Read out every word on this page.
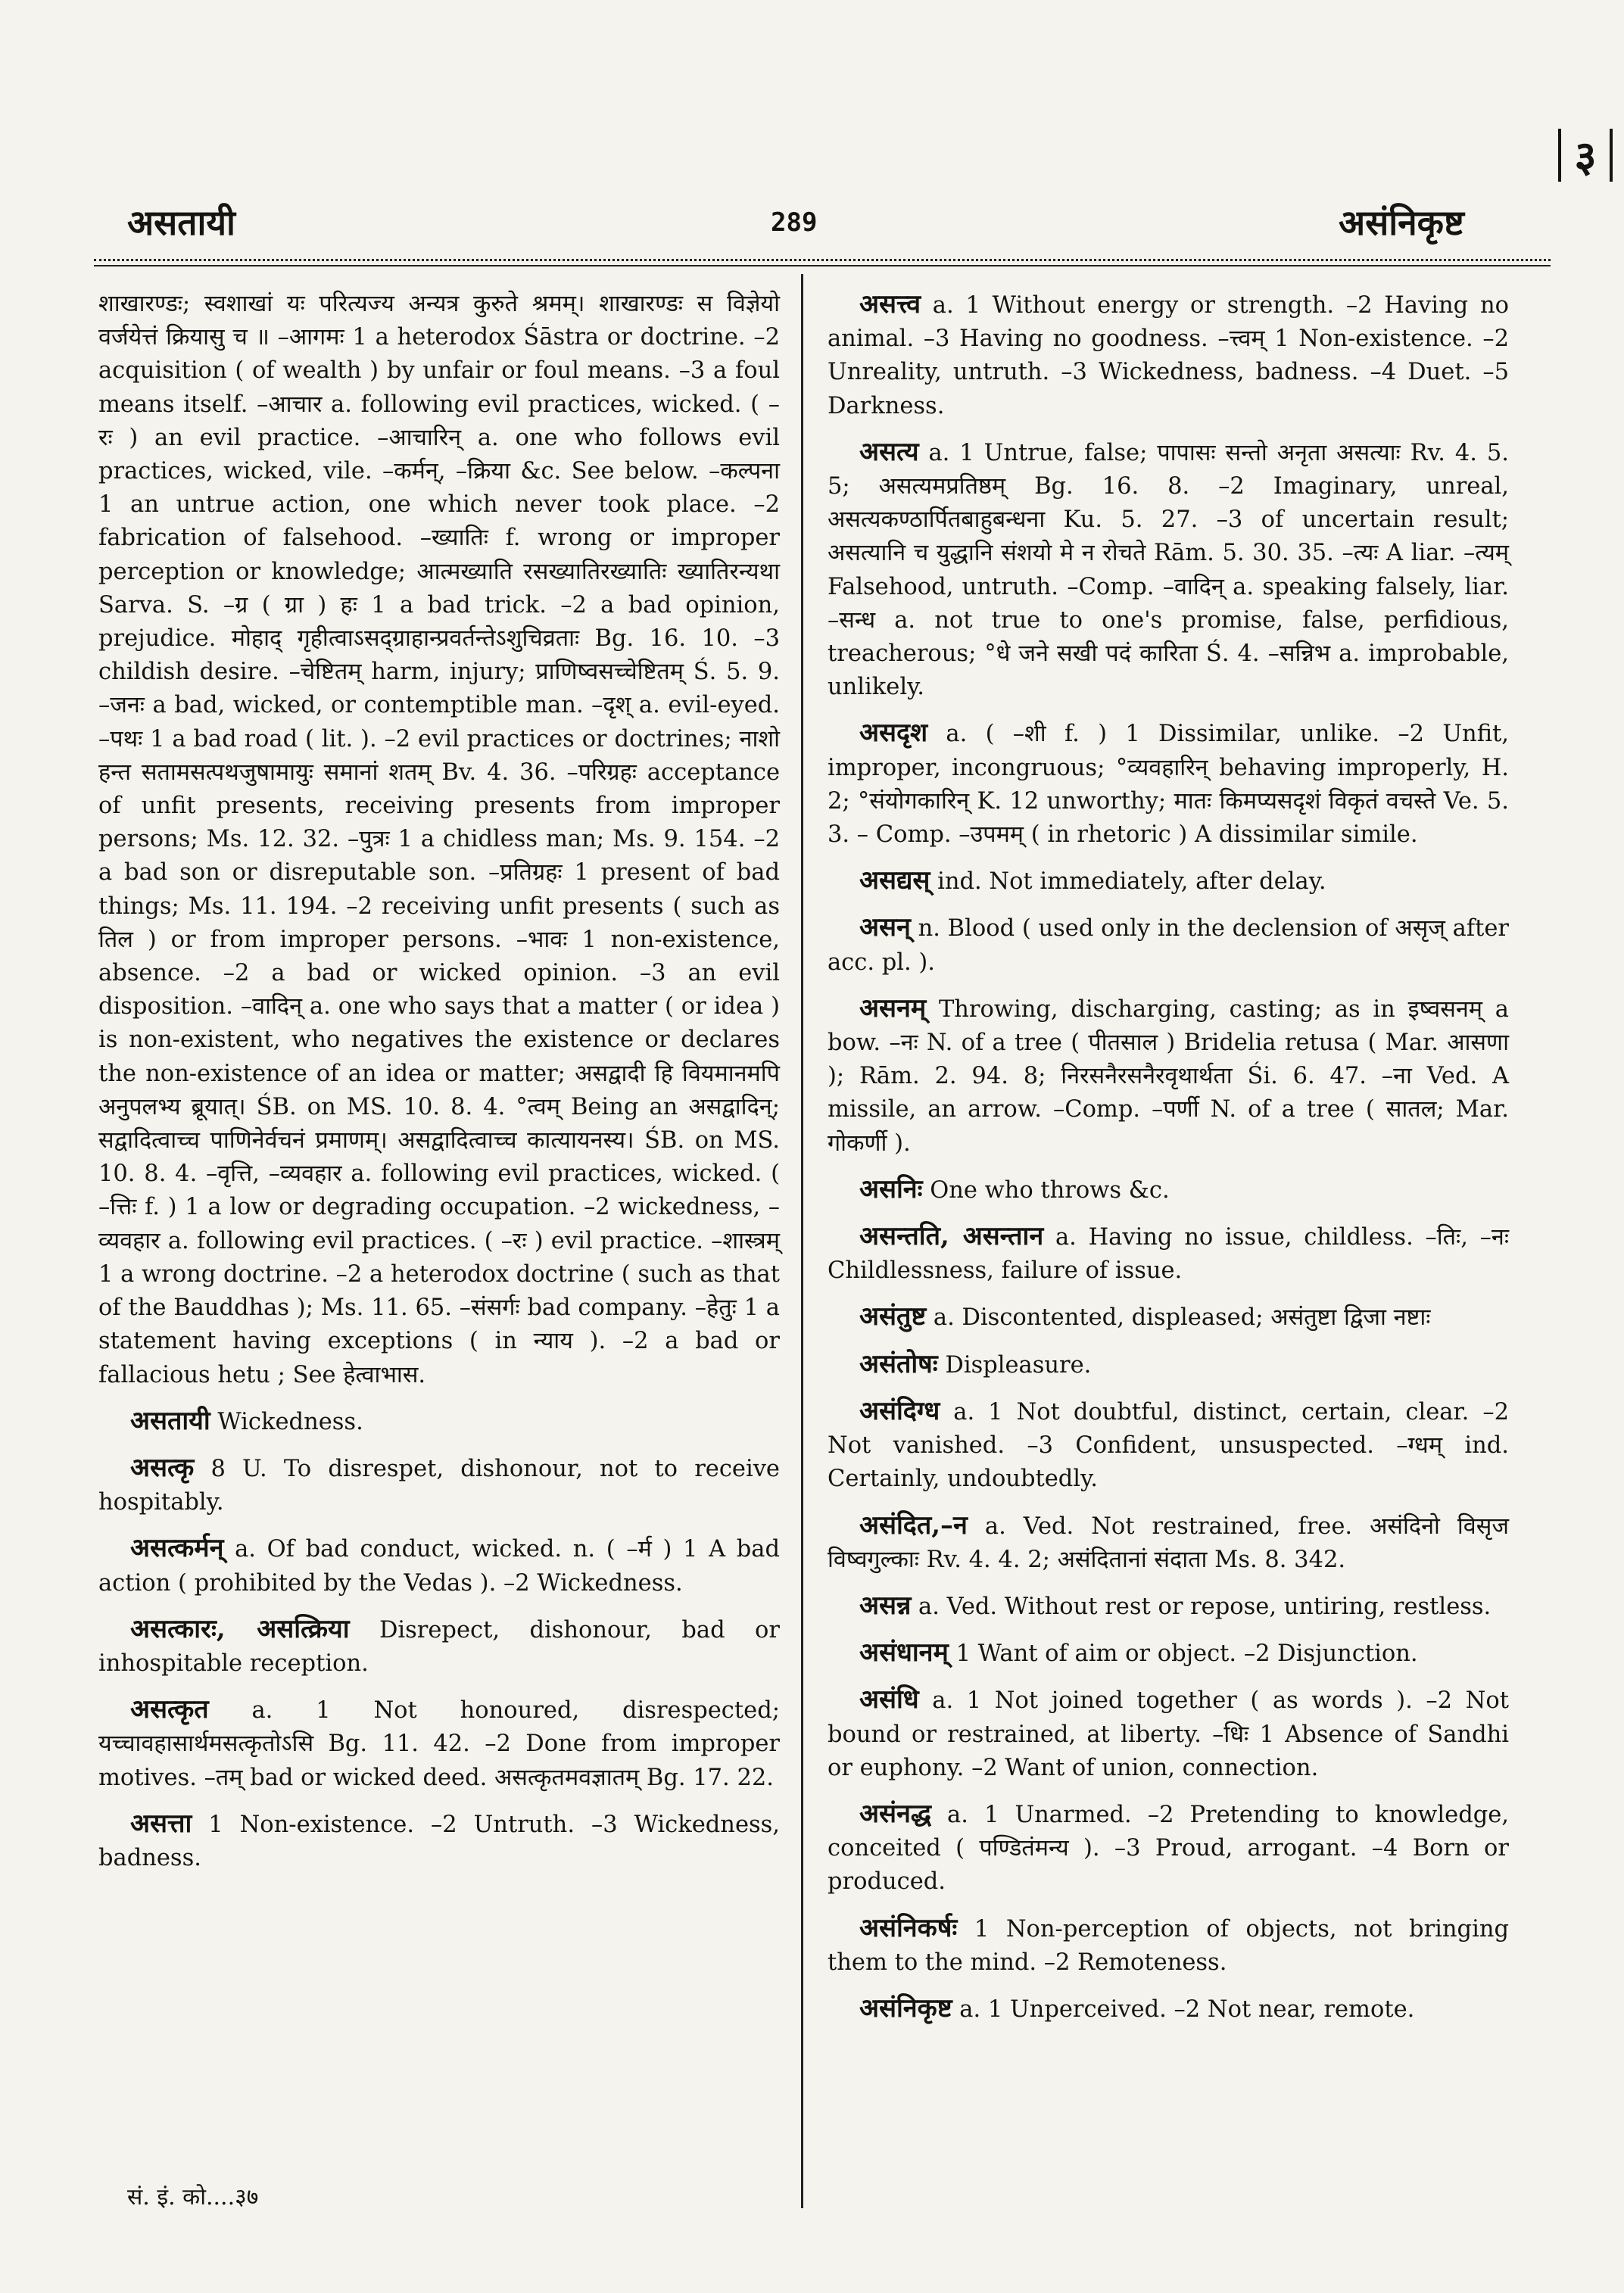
३
असतायी	289	असंनिकृष्ट

शाखारण्डः; स्वशाखां यः परित्यज्य अन्यत्र कुरुते श्रमम्। शाखारण्डः स विज्ञेयो वर्जयेत्तं क्रियासु च ॥ –आगमः 1 a heterodox Śāstra or doctrine. –2 acquisition ( of wealth ) by unfair or foul means. –3 a foul means itself. –आचार a. following evil practices, wicked. ( –रः ) an evil practice. –आचारिन् a. one who follows evil practices, wicked, vile. –कर्मन्, –क्रिया &c. See below. –कल्पना 1 an untrue action, one which never took place. –2 fabrication of falsehood. –ख्यातिः f. wrong or improper perception or knowledge; आत्मख्याति रसख्यातिरख्यातिः ख्यातिरन्यथा Sarva. S. –ग्र ( ग्रा ) हः 1 a bad trick. –2 a bad opinion, prejudice. मोहाद् गृहीत्वाऽसद्ग्राहान्प्रवर्तन्तेऽशुचिव्रताः Bg. 16. 10. –3 childish desire. –चेष्टितम् harm, injury; प्राणिष्वसच्चेष्टितम् Ś. 5. 9. –जनः a bad, wicked, or contemptible man. –दृश् a. evil-eyed. –पथः 1 a bad road ( lit. ). –2 evil practices or doctrines; नाशो हन्त सतामसत्पथजुषामायुः समानां शतम् Bv. 4. 36. –परिग्रहः acceptance of unfit presents, receiving presents from improper persons; Ms. 12. 32. –पुत्रः 1 a chidless man; Ms. 9. 154. –2 a bad son or disreputable son. –प्रतिग्रहः 1 present of bad things; Ms. 11. 194. –2 receiving unfit presents ( such as तिल ) or from improper persons. –भावः 1 non-existence, absence. –2 a bad or wicked opinion. –3 an evil disposition. –वादिन् a. one who says that a matter ( or idea ) is non-existent, who negatives the existence or declares the non-existence of an idea or matter; असद्वादी हि वियमानमपि अनुपलभ्य ब्रूयात्। ŚB. on MS. 10. 8. 4. °त्वम् Being an असद्वादिन्; सद्वादित्वाच्च पाणिनेर्वचनं प्रमाणम्। असद्वादित्वाच्च कात्यायनस्य। ŚB. on MS. 10. 8. 4. –वृत्ति, –व्यवहार a. following evil practices, wicked. ( –त्तिः f. ) 1 a low or degrading occupation. –2 wickedness, –व्यवहार a. following evil practices. ( –रः ) evil practice. –शास्त्रम् 1 a wrong doctrine. –2 a heterodox doctrine ( such as that of the Bauddhas ); Ms. 11. 65. –संसर्गः bad company. –हेतुः 1 a statement having exceptions ( in न्याय ). –2 a bad or fallacious hetu ; See हेत्वाभास.

असतायी Wickedness.

असत्कृ 8 U. To disrespet, dishonour, not to receive hospitably.

असत्कर्मन् a. Of bad conduct, wicked. n. ( –र्म ) 1 A bad action ( prohibited by the Vedas ). –2 Wickedness.

असत्कारः, असत्क्रिया Disrepect, dishonour, bad or inhospitable reception.

असत्कृत a. 1 Not honoured, disrespected; यच्चावहासार्थमसत्कृतोऽसि Bg. 11. 42. –2 Done from improper motives. –तम् bad or wicked deed. असत्कृतमवज्ञातम् Bg. 17. 22.

असत्ता 1 Non-existence. –2 Untruth. –3 Wickedness, badness.

असत्त्व a. 1 Without energy or strength. –2 Having no animal. –3 Having no goodness. –त्त्वम् 1 Non-existence. –2 Unreality, untruth. –3 Wickedness, badness. –4 Duet. –5 Darkness.

असत्य a. 1 Untrue, false; पापासः सन्तो अनृता असत्याः Rv. 4. 5. 5; असत्यमप्रतिष्ठम् Bg. 16. 8. –2 Imaginary, unreal, असत्यकण्ठार्पितबाहुबन्धना Ku. 5. 27. –3 of uncertain result; असत्यानि च युद्धानि संशयो मे न रोचते Rām. 5. 30. 35. –त्यः A liar. –त्यम् Falsehood, untruth. –Comp. –वादिन् a. speaking falsely, liar. –सन्ध a. not true to one's promise, false, perfidious, treacherous; °धे जने सखी पदं कारिता Ś. 4. –सन्निभ a. improbable, unlikely.

असदृश a. ( –शी f. ) 1 Dissimilar, unlike. –2 Unfit, improper, incongruous; °व्यवहारिन् behaving improperly, H. 2; °संयोगकारिन् K. 12 unworthy; मातः किमप्यसदृशं विकृतं वचस्ते Ve. 5. 3. – Comp. –उपमम् ( in rhetoric ) A dissimilar simile.

असद्यस् ind. Not immediately, after delay.

असन् n. Blood ( used only in the declension of असृज् after acc. pl. ).

असनम् Throwing, discharging, casting; as in इष्वसनम् a bow. –नः N. of a tree ( पीतसाल ) Bridelia retusa ( Mar. आसणा ); Rām. 2. 94. 8; निरसनैरसनैरवृथार्थता Śi. 6. 47. –ना Ved. A missile, an arrow. –Comp. –पर्णी N. of a tree ( सातल; Mar. गोकर्णी ).

असनिः One who throws &c.

असन्तति, असन्तान a. Having no issue, childless. –तिः, –नः Childlessness, failure of issue.

असंतुष्ट a. Discontented, displeased; असंतुष्टा द्विजा नष्टाः

असंतोषः Displeasure.

असंदिग्ध a. 1 Not doubtful, distinct, certain, clear. –2 Not vanished. –3 Confident, unsuspected. –ग्धम् ind. Certainly, undoubtedly.

असंदित,–न a. Ved. Not restrained, free. असंदिनो विसृज विष्वगुल्काः Rv. 4. 4. 2; असंदितानां संदाता Ms. 8. 342.

असन्न a. Ved. Without rest or repose, untiring, restless.

असंधानम् 1 Want of aim or object. –2 Disjunction.

असंधि a. 1 Not joined together ( as words ). –2 Not bound or restrained, at liberty. –धिः 1 Absence of Sandhi or euphony. –2 Want of union, connection.

असंनद्ध a. 1 Unarmed. –2 Pretending to knowledge, conceited ( पण्डितंमन्य ). –3 Proud, arrogant. –4 Born or produced.

असंनिकर्षः 1 Non-perception of objects, not bringing them to the mind. –2 Remoteness.

असंनिकृष्ट a. 1 Unperceived. –2 Not near, remote.

सं. इं. को....३७
